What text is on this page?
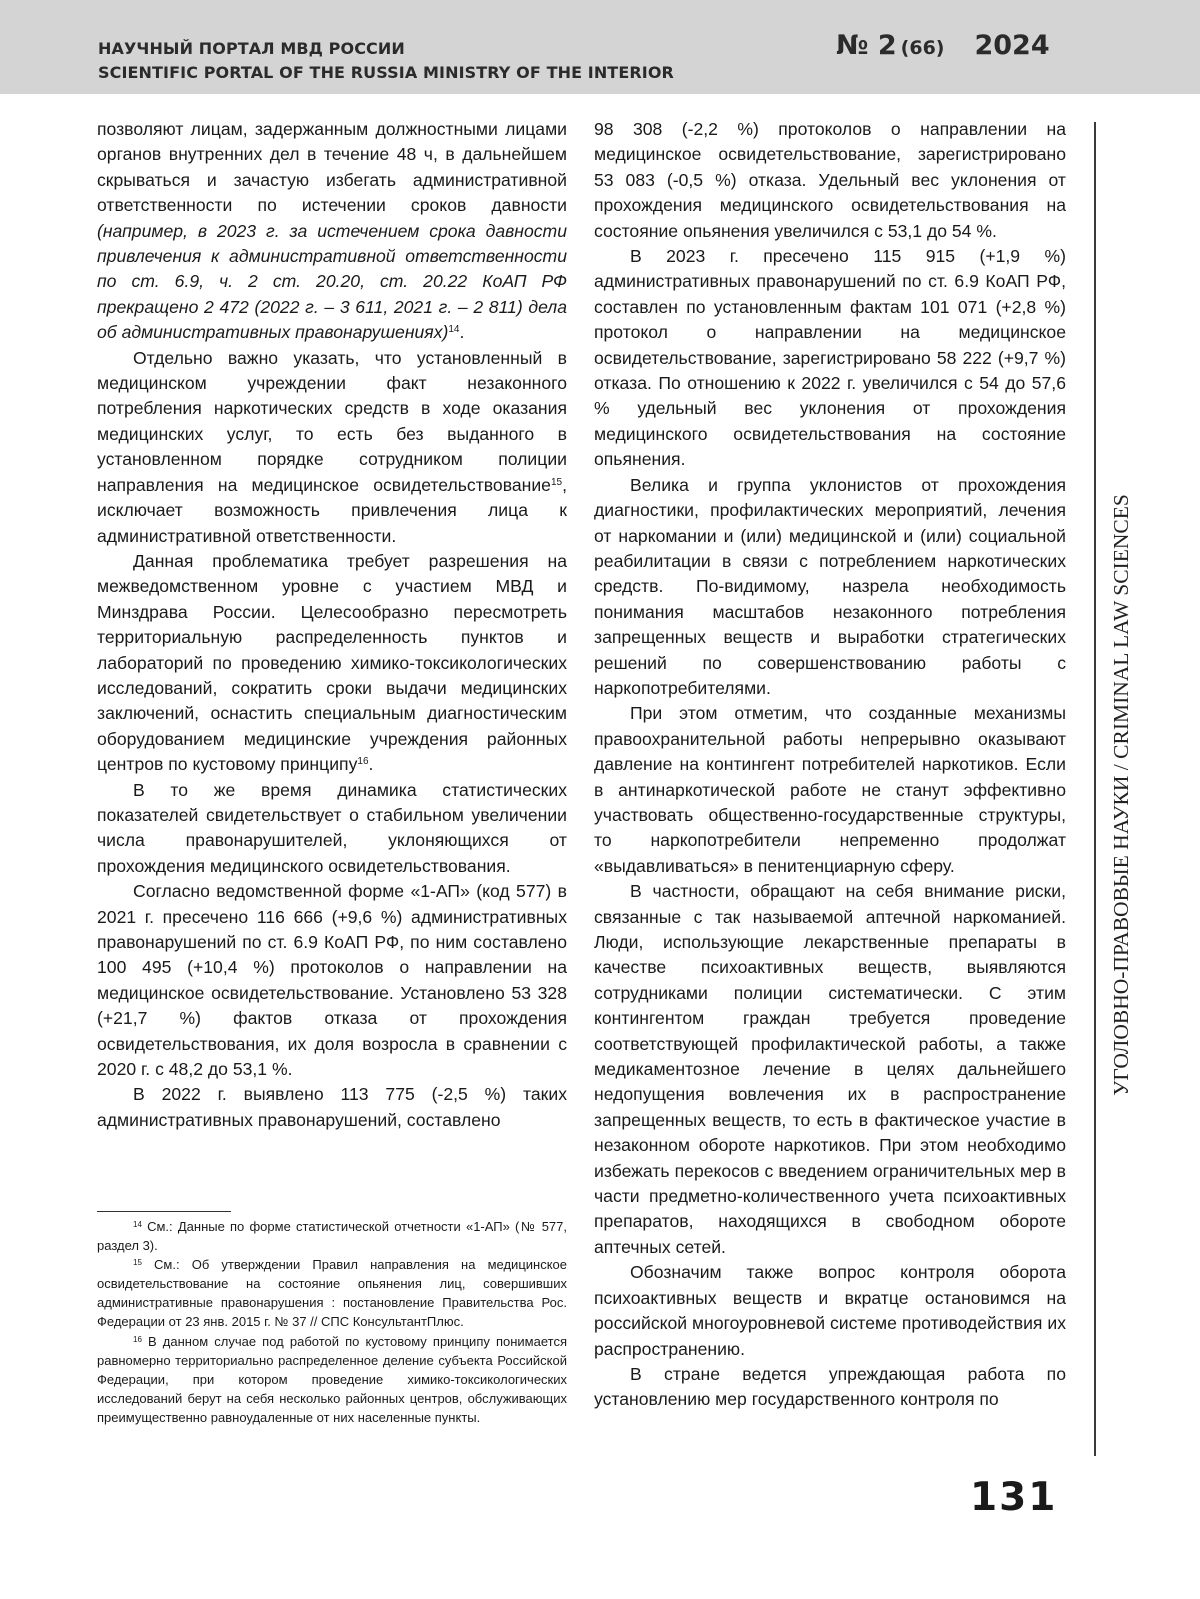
НАУЧНЫЙ ПОРТАЛ МВД РОССИИ
SCIENTIFIC PORTAL OF THE RUSSIA MINISTRY OF THE INTERIOR
№ 2 (66) 2024

позволяют лицам, задержанным должностными лицами органов внутренних дел в течение 48 ч, в дальнейшем скрываться и зачастую избегать административной ответственности по истечении сроков давности (например, в 2023 г. за истечением срока давности привлечения к административной ответственности по ст. 6.9, ч. 2 ст. 20.20, ст. 20.22 КоАП РФ прекращено 2 472 (2022 г. – 3 611, 2021 г. – 2 811) дела об административных правонарушениях)$^{14}$.

Отдельно важно указать, что установленный в медицинском учреждении факт незаконного потребления наркотических средств в ходе оказания медицинских услуг, то есть без выданного в установленном порядке сотрудником полиции направления на медицинское освидетельствование$^{15}$, исключает возможность привлечения лица к административной ответственности.

Данная проблематика требует разрешения на межведомственном уровне с участием МВД и Минздрава России. Целесообразно пересмотреть территориальную распределенность пунктов и лабораторий по проведению химико-токсикологических исследований, сократить сроки выдачи медицинских заключений, оснастить специальным диагностическим оборудованием медицинские учреждения районных центров по кустовому принципу$^{16}$.

В то же время динамика статистических показателей свидетельствует о стабильном увеличении числа правонарушителей, уклоняющихся от прохождения медицинского освидетельствования.

Согласно ведомственной форме «1-АП» (код 577) в 2021 г. пресечено 116 666 (+9,6 %) административных правонарушений по ст. 6.9 КоАП РФ, по ним составлено 100 495 (+10,4 %) протоколов о направлении на медицинское освидетельствование. Установлено 53 328 (+21,7 %) фактов отказа от прохождения освидетельствования, их доля возросла в сравнении с 2020 г. с 48,2 до 53,1 %.

В 2022 г. выявлено 113 775 (-2,5 %) таких административных правонарушений, составлено

$^{14}$ См.: Данные по форме статистической отчетности «1-АП» (№ 577, раздел 3).

$^{15}$ См.: Об утверждении Правил направления на медицинское освидетельствование на состояние опьянения лиц, совершивших административные правонарушения : постановление Правительства Рос. Федерации от 23 янв. 2015 г. № 37 // СПС КонсультантПлюс.

$^{16}$ В данном случае под работой по кустовому принципу понимается равномерно территориально распределенное деление субъекта Российской Федерации, при котором проведение химико-токсикологических исследований берут на себя несколько районных центров, обслуживающих преимущественно равноудаленные от них населенные пункты.

98 308 (-2,2 %) протоколов о направлении на медицинское освидетельствование, зарегистрировано 53 083 (-0,5 %) отказа. Удельный вес уклонения от прохождения медицинского освидетельствования на состояние опьянения увеличился с 53,1 до 54 %.

В 2023 г. пресечено 115 915 (+1,9 %) административных правонарушений по ст. 6.9 КоАП РФ, составлен по установленным фактам 101 071 (+2,8 %) протокол о направлении на медицинское освидетельствование, зарегистрировано 58 222 (+9,7 %) отказа. По отношению к 2022 г. увеличился с 54 до 57,6 % удельный вес уклонения от прохождения медицинского освидетельствования на состояние опьянения.

Велика и группа уклонистов от прохождения диагностики, профилактических мероприятий, лечения от наркомании и (или) медицинской и (или) социальной реабилитации в связи с потреблением наркотических средств. По-видимому, назрела необходимость понимания масштабов незаконного потребления запрещенных веществ и выработки стратегических решений по совершенствованию работы с наркопотребителями.

При этом отметим, что созданные механизмы правоохранительной работы непрерывно оказывают давление на контингент потребителей наркотиков. Если в антинаркотической работе не станут эффективно участвовать общественно-государственные структуры, то наркопотребители непременно продолжат «выдавливаться» в пенитенциарную сферу.

В частности, обращают на себя внимание риски, связанные с так называемой аптечной наркоманией. Люди, использующие лекарственные препараты в качестве психоактивных веществ, выявляются сотрудниками полиции систематически. С этим контингентом граждан требуется проведение соответствующей профилактической работы, а также медикаментозное лечение в целях дальнейшего недопущения вовлечения их в распространение запрещенных веществ, то есть в фактическое участие в незаконном обороте наркотиков. При этом необходимо избежать перекосов с введением ограничительных мер в части предметно-количественного учета психоактивных препаратов, находящихся в свободном обороте аптечных сетей.

Обозначим также вопрос контроля оборота психоактивных веществ и вкратце остановимся на российской многоуровневой системе противодействия их распространению.

В стране ведется упреждающая работа по установлению мер государственного контроля по

УГОЛОВНО-ПРАВОВЫЕ НАУКИ / CRIMINAL LAW SCIENCES
131
